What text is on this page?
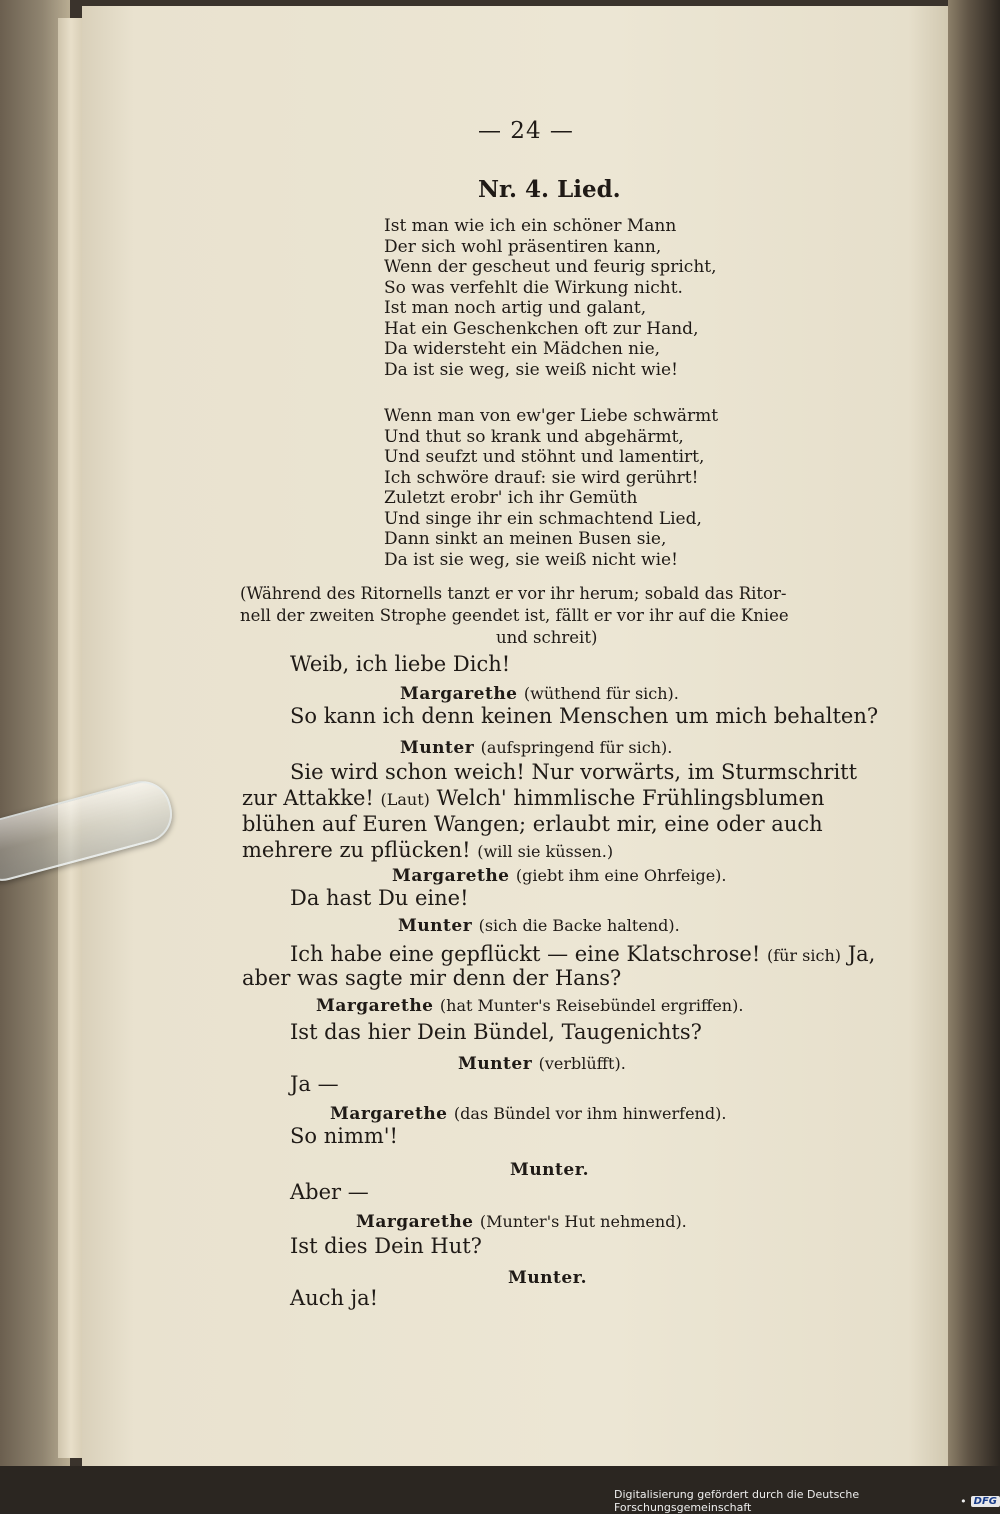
— 24 —
Nr. 4. Lied.
Ist man wie ich ein schöner Mann
Der sich wohl präsentiren kann,
Wenn der gescheut und feurig spricht,
So was verfehlt die Wirkung nicht.
Ist man noch artig und galant,
Hat ein Geschenkchen oft zur Hand,
Da widersteht ein Mädchen nie,
Da ist sie weg, sie weiß nicht wie!
Wenn man von ew'ger Liebe schwärmt
Und thut so krank und abgehärmt,
Und seufzt und stöhnt und lamentirt,
Ich schwöre drauf: sie wird gerührt!
Zuletzt erobr' ich ihr Gemüth
Und singe ihr ein schmachtend Lied,
Dann sinkt an meinen Busen sie,
Da ist sie weg, sie weiß nicht wie!
(Während des Ritornells tanzt er vor ihr herum; sobald das Ritor-
nell der zweiten Strophe geendet ist, fällt er vor ihr auf die Kniee
und schreit)
Weib, ich liebe Dich!
Margarethe (wüthend für sich).
So kann ich denn keinen Menschen um mich behalten?
Munter (aufspringend für sich).
Sie wird schon weich! Nur vorwärts, im Sturmschritt
zur Attakke! (Laut) Welch' himmlische Frühlingsblumen
blühen auf Euren Wangen; erlaubt mir, eine oder auch
mehrere zu pflücken! (will sie küssen.)
Margarethe (giebt ihm eine Ohrfeige).
Da hast Du eine!
Munter (sich die Backe haltend).
Ich habe eine gepflückt — eine Klatschrose! (für sich) Ja,
aber was sagte mir denn der Hans?
Margarethe (hat Munter's Reisebündel ergriffen).
Ist das hier Dein Bündel, Taugenichts?
Munter (verblüfft).
Ja —
Margarethe (das Bündel vor ihm hinwerfend).
So nimm'!
Munter.
Aber —
Margarethe (Munter's Hut nehmend).
Ist dies Dein Hut?
Munter.
Auch ja!
Digitalisierung gefördert durch die Deutsche Forschungsgemeinschaft	• DFG
